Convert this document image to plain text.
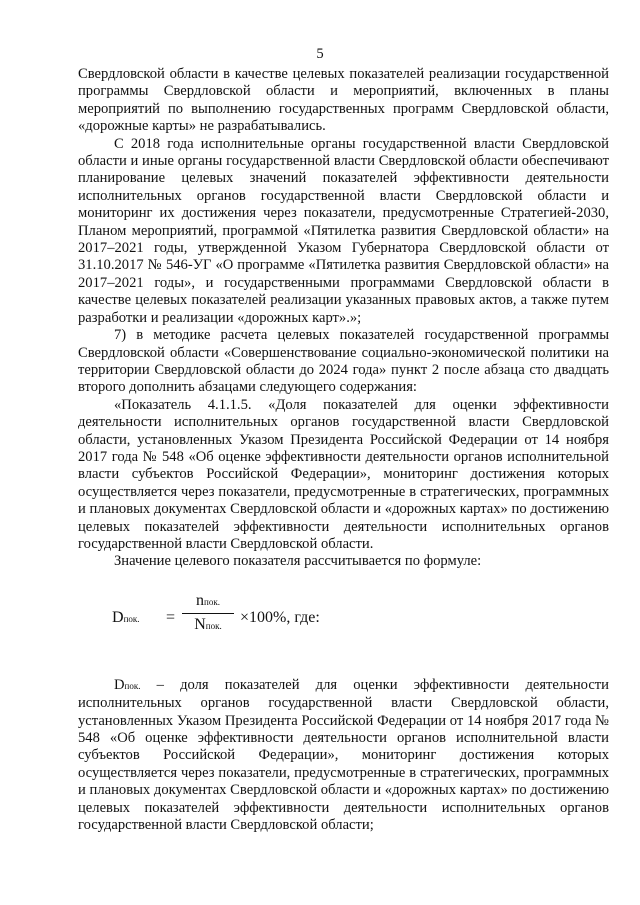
5

Свердловской области в качестве целевых показателей реализации государственной программы Свердловской области и мероприятий, включенных в планы мероприятий по выполнению государственных программ Свердловской области, «дорожные карты» не разрабатывались.

С 2018 года исполнительные органы государственной власти Свердловской области и иные органы государственной власти Свердловской области обеспечивают планирование целевых значений показателей эффективности деятельности исполнительных органов государственной власти Свердловской области и мониторинг их достижения через показатели, предусмотренные Стратегией-2030, Планом мероприятий, программой «Пятилетка развития Свердловской области» на 2017–2021 годы, утвержденной Указом Губернатора Свердловской области от 31.10.2017 № 546-УГ «О программе «Пятилетка развития Свердловской области» на 2017–2021 годы», и государственными программами Свердловской области в качестве целевых показателей реализации указанных правовых актов, а также путем разработки и реализации «дорожных карт».»;

7) в методике расчета целевых показателей государственной программы Свердловской области «Совершенствование социально-экономической политики на территории Свердловской области до 2024 года» пункт 2 после абзаца сто двадцать второго дополнить абзацами следующего содержания:

«Показатель 4.1.1.5. «Доля показателей для оценки эффективности деятельности исполнительных органов государственной власти Свердловской области, установленных Указом Президента Российской Федерации от 14 ноября 2017 года № 548 «Об оценке эффективности деятельности органов исполнительной власти субъектов Российской Федерации», мониторинг достижения которых осуществляется через показатели, предусмотренные в стратегических, программных и плановых документах Свердловской области и «дорожных картах» по достижению целевых показателей эффективности деятельности исполнительных органов государственной власти Свердловской области.

Значение целевого показателя рассчитывается по формуле:

Dпок. =
nпок.
Nпок.	×100%, где:

Dпок. – доля показателей для оценки эффективности деятельности исполнительных органов государственной власти Свердловской области, установленных Указом Президента Российской Федерации от 14 ноября 2017 года № 548 «Об оценке эффективности деятельности органов исполнительной власти субъектов Российской Федерации», мониторинг достижения которых осуществляется через показатели, предусмотренные в стратегических, программных и плановых документах Свердловской области и «дорожных картах» по достижению целевых показателей эффективности деятельности исполнительных органов государственной власти Свердловской области;
